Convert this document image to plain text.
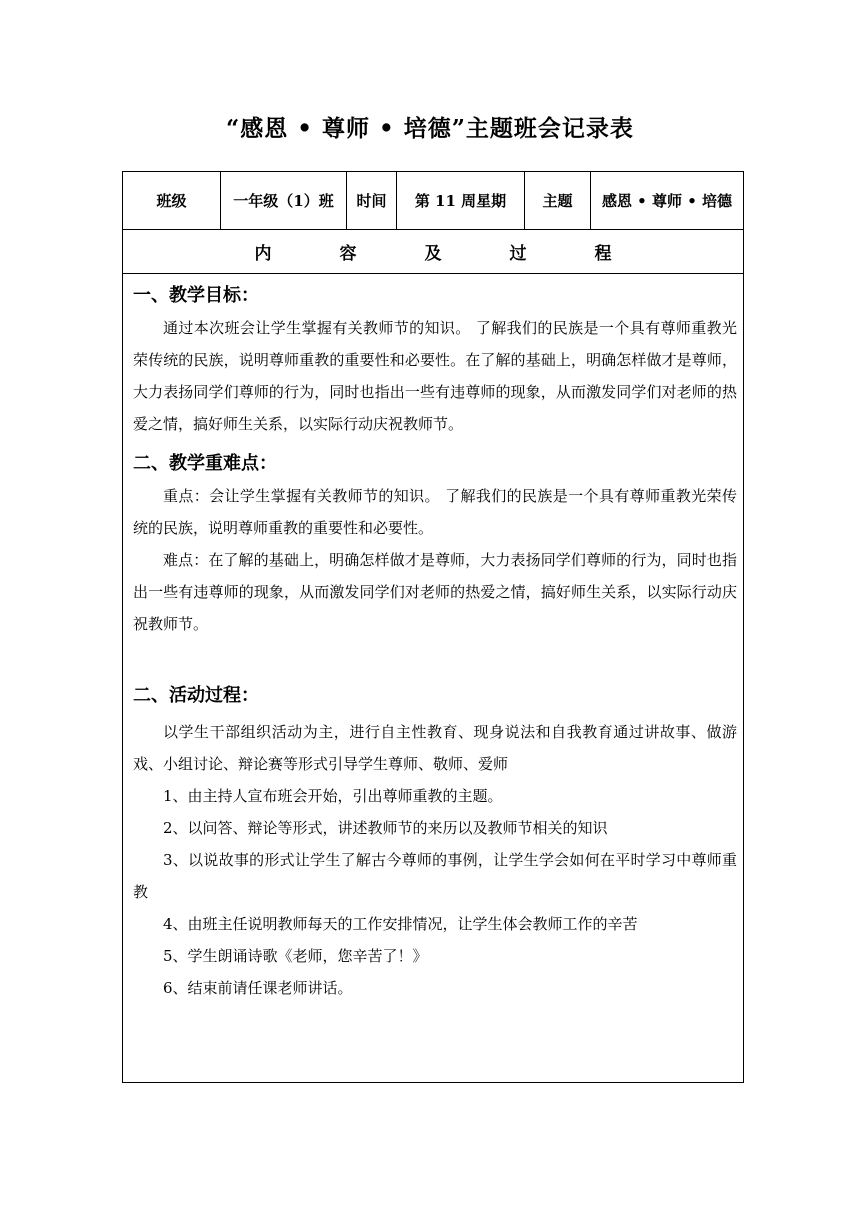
“感恩 • 尊师 • 培德”主题班会记录表
班级	一年级（1）班	时间	第 11 周星期	主题	感恩 • 尊师 • 培德
内容及过程
一、教学目标：
通过本次班会让学生掌握有关教师节的知识。 了解我们的民族是一个具有尊师重教光荣传统的民族，说明尊师重教的重要性和必要性。在了解的基础上，明确怎样做才是尊师，大力表扬同学们尊师的行为，同时也指出一些有违尊师的现象，从而激发同学们对老师的热爱之情，搞好师生关系，以实际行动庆祝教师节。
二、教学重难点：
重点：会让学生掌握有关教师节的知识。 了解我们的民族是一个具有尊师重教光荣传统的民族，说明尊师重教的重要性和必要性。
难点：在了解的基础上，明确怎样做才是尊师，大力表扬同学们尊师的行为，同时也指出一些有违尊师的现象，从而激发同学们对老师的热爱之情，搞好师生关系，以实际行动庆祝教师节。
二、活动过程：
以学生干部组织活动为主，进行自主性教育、现身说法和自我教育通过讲故事、做游戏、小组讨论、辩论赛等形式引导学生尊师、敬师、爱师
1、由主持人宣布班会开始，引出尊师重教的主题。
2、以问答、辩论等形式，讲述教师节的来历以及教师节相关的知识
3、以说故事的形式让学生了解古今尊师的事例，让学生学会如何在平时学习中尊师重教
4、由班主任说明教师每天的工作安排情况，让学生体会教师工作的辛苦
5、学生朗诵诗歌《老师，您辛苦了！》
6、结束前请任课老师讲话。
